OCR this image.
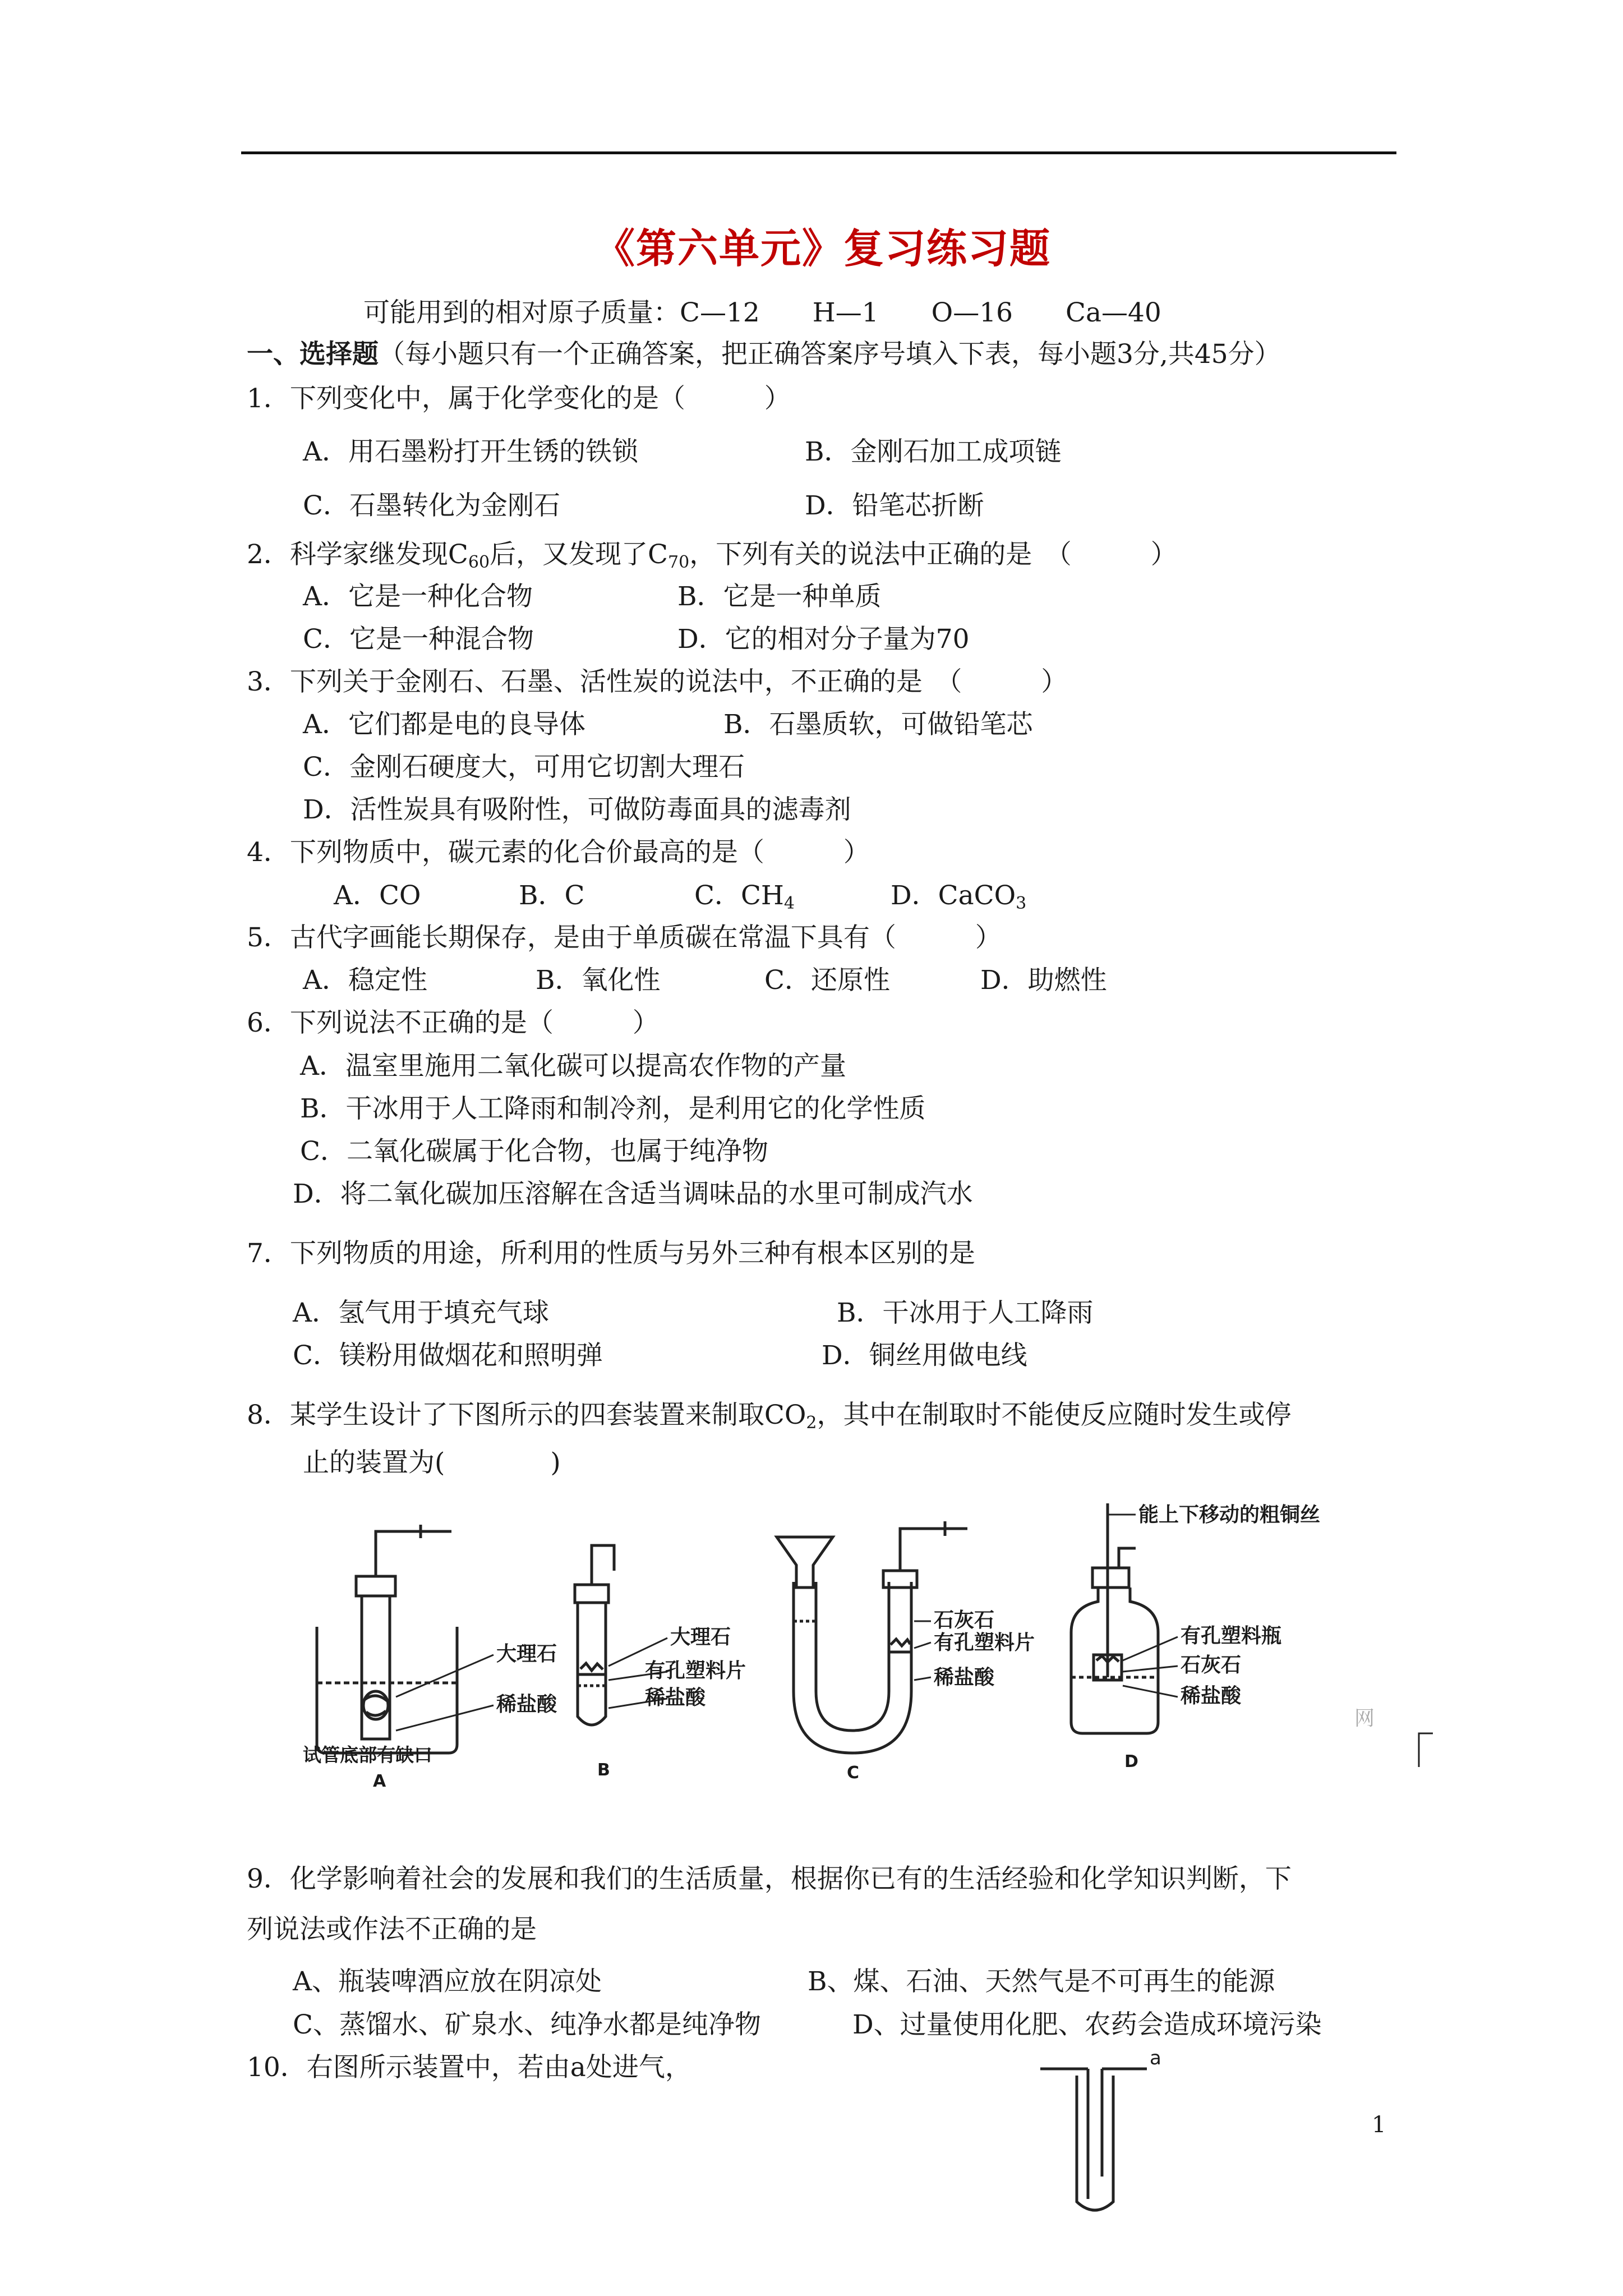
《第六单元》复习练习题
可能用到的相对原子质量：C—12　　H—1　　O—16　　Ca—40
一、选择题（每小题只有一个正确答案，把正确答案序号填入下表，每小题3分,共45分）
1．下列变化中，属于化学变化的是（　　　）
A．用石墨粉打开生锈的铁锁	B．金刚石加工成项链
C．石墨转化为金刚石	D．铅笔芯折断
2．科学家继发现$C_{60}$后，又发现了$C_{70}$，下列有关的说法中正确的是　（　　　）
A．它是一种化合物	B．它是一种单质
C．它是一种混合物	D．它的相对分子量为70
3．下列关于金刚石、石墨、活性炭的说法中，不正确的是　（　　　）
A．它们都是电的良导体	B．石墨质软，可做铅笔芯
C．金刚石硬度大，可用它切割大理石
D．活性炭具有吸附性，可做防毒面具的滤毒剂
4．下列物质中，碳元素的化合价最高的是（　　　）
A．CO	B．C	C．$CH_4$	D．CaCO$_3$
5．古代字画能长期保存，是由于单质碳在常温下具有（　　　）
A．稳定性	B．氧化性	C．还原性	D．助燃性
6．下列说法不正确的是（　　　）
A．温室里施用二氧化碳可以提高农作物的产量
B．干冰用于人工降雨和制冷剂，是利用它的化学性质
C．二氧化碳属于化合物，也属于纯净物
D．将二氧化碳加压溶解在含适当调味品的水里可制成汽水
7．下列物质的用途，所利用的性质与另外三种有根本区别的是
A．氢气用于填充气球	B．干冰用于人工降雨
C．镁粉用做烟花和照明弹	D．铜丝用做电线
8．某学生设计了下图所示的四套装置来制取$CO_2$，其中在制取时不能使反应随时发生或停
止的装置为(　　　　)
大理石
稀盐酸
试管底部有缺口
A
大理石
有孔塑料片
稀盐酸
B
石灰石
有孔塑料片
稀盐酸
C
能上下移动的粗铜丝
有孔塑料瓶
石灰石
稀盐酸
D
网
9．化学影响着社会的发展和我们的生活质量，根据你已有的生活经验和化学知识判断，下
列说法或作法不正确的是
A、瓶装啤酒应放在阴凉处	B、煤、石油、天然气是不可再生的能源
C、蒸馏水、矿泉水、纯净水都是纯净物	D、过量使用化肥、农药会造成环境污染
10．右图所示装置中，若由a处进气，	a
1
